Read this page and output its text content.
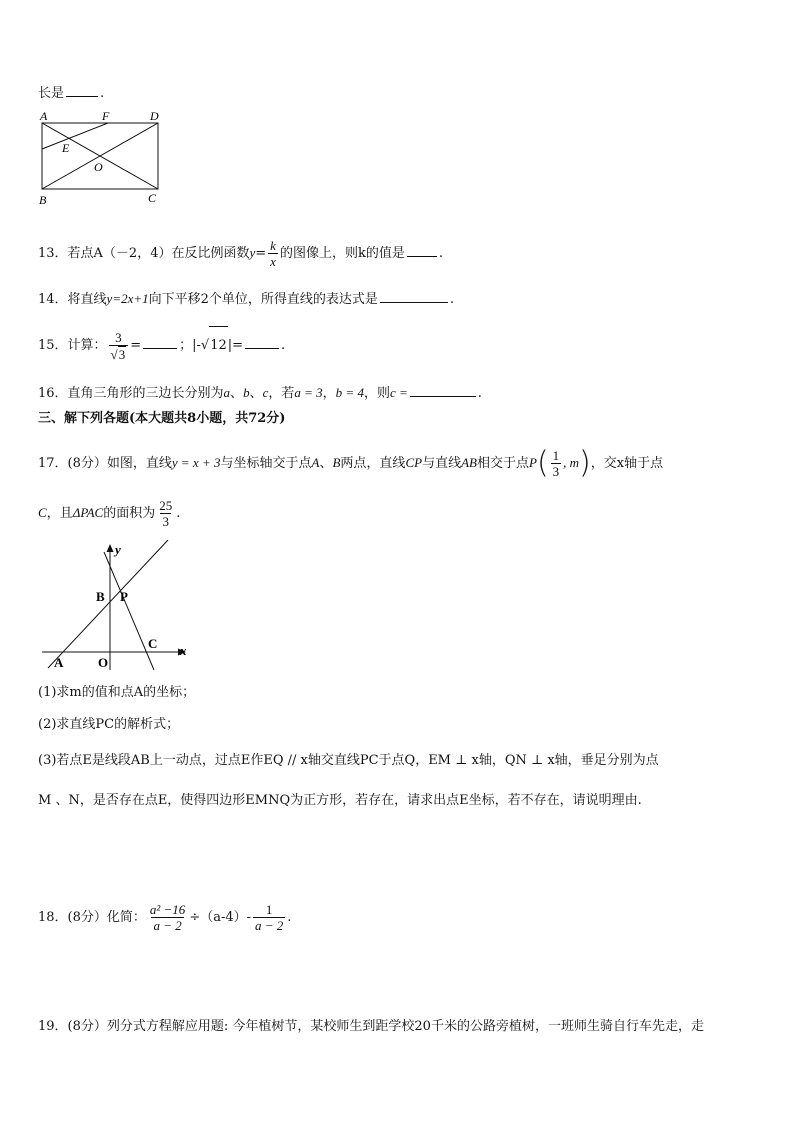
长是	.
A	F	D
E
O
B	C
13．若点A（－2，4）在反比例函数$y= \frac{k}{x}$ 的图像上，则k的值是	.
14．将直线y=2x+1向下平移2个单位，所得直线的表达式是	.
15．计算： $\frac{3}{√3}$ =	；|-√12|=	.
16．直角三角形的三边长分别为a、b、c，若a = 3，b = 4，则c =	.
三、解下列各题(本大题共8小题，共72分)
17．(8分）如图，直线y = x + 3与坐标轴交于点A、B两点，直线CP与直线AB相交于点$P( \frac{1}{3}$ , m)，交x轴于点
C，且ΔPAC的面积为 $\frac{25}{3}$ .
y
x
B P
C
A	O
(1)求m的值和点A的坐标；
(2)求直线PC的解析式；
(3)若点E是线段AB上一动点，过点E作EQ // x轴交直线PC于点Q，EM ⊥ x轴，QN ⊥ x轴，垂足分别为点
M 、N，是否存在点E，使得四边形EMNQ为正方形，若存在，请求出点E坐标，若不存在，请说明理由.
18．(8分）化简： $\frac{\text{a² −16}}{a - 2} \div(a-4)- \frac{1}{a - 2}$ .
19．(8分）列分式方程解应用题: 今年植树节，某校师生到距学校20千米的公路旁植树，一班师生骑自行车先走，走
